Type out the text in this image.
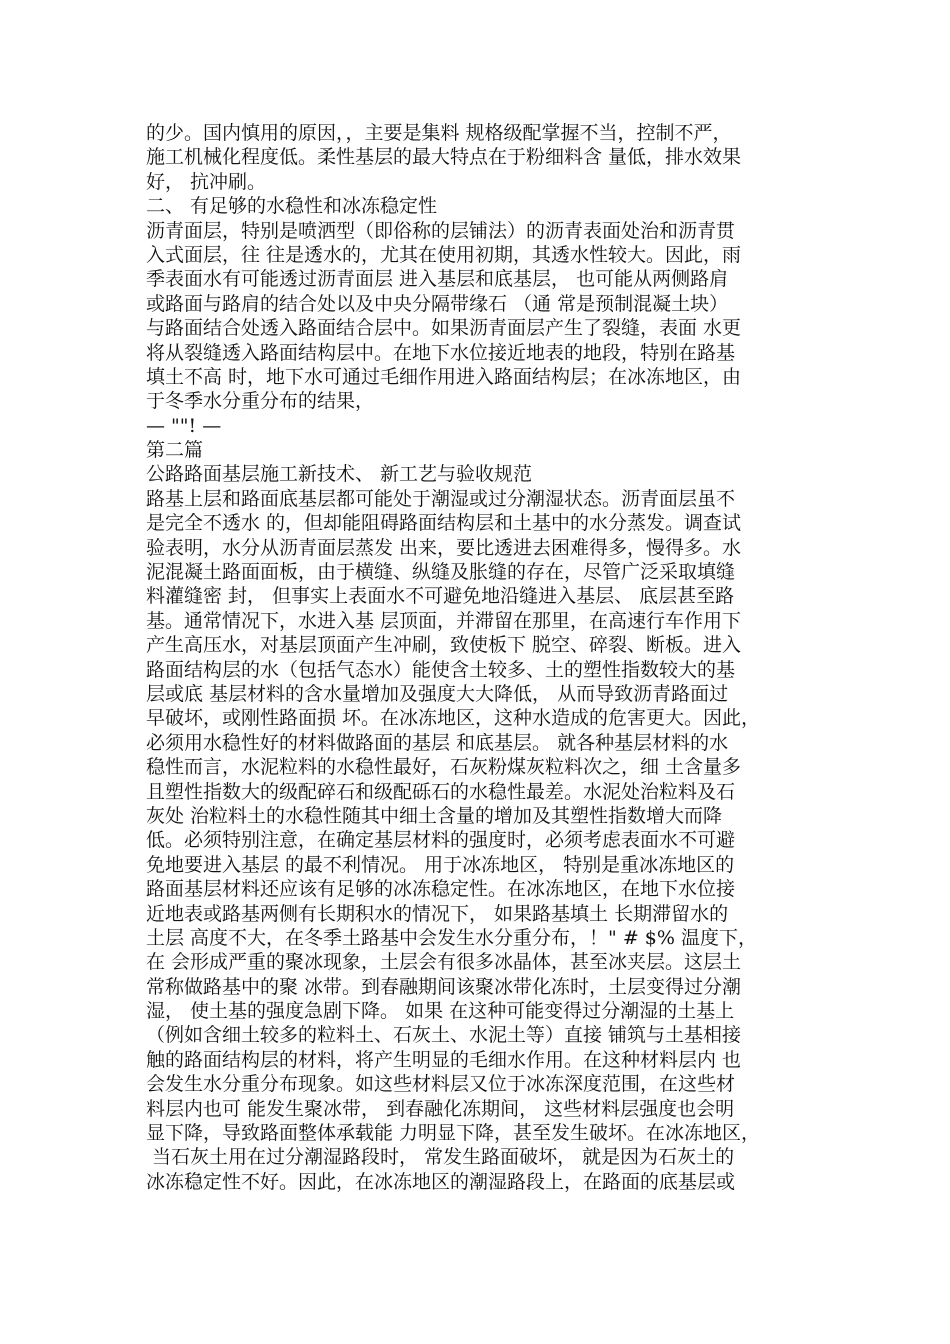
的少。国内慎用的原因，，主要是集料 规格级配掌握不当，控制不严，
施工机械化程度低。柔性基层的最大特点在于粉细料含 量低，排水效果
好， 抗冲刷。
二、 有足够的水稳性和冰冻稳定性
沥青面层，特别是喷洒型（即俗称的层铺法）的沥青表面处治和沥青贯
入式面层，往 往是透水的，尤其在使用初期，其透水性较大。因此，雨
季表面水有可能透过沥青面层 进入基层和底基层， 也可能从两侧路肩
或路面与路肩的结合处以及中央分隔带缘石 （通 常是预制混凝土块）
与路面结合处透入路面结合层中。如果沥青面层产生了裂缝，表面 水更
将从裂缝透入路面结构层中。在地下水位接近地表的地段，特别在路基
填土不高 时，地下水可通过毛细作用进入路面结构层；在冰冻地区，由
于冬季水分重分布的结果，
— ""! —
第二篇
公路路面基层施工新技术、 新工艺与验收规范
路基上层和路面底基层都可能处于潮湿或过分潮湿状态。沥青面层虽不
是完全不透水 的，但却能阻碍路面结构层和土基中的水分蒸发。调查试
验表明，水分从沥青面层蒸发 出来，要比透进去困难得多，慢得多。水
泥混凝土路面面板，由于横缝、纵缝及胀缝的存在，尽管广泛采取填缝
料灌缝密 封， 但事实上表面水不可避免地沿缝进入基层、 底层甚至路
基。通常情况下，水进入基 层顶面，并滞留在那里，在高速行车作用下
产生高压水，对基层顶面产生冲刷，致使板下 脱空、碎裂、断板。进入
路面结构层的水（包括气态水）能使含土较多、土的塑性指数较大的基
层或底 基层材料的含水量增加及强度大大降低， 从而导致沥青路面过
早破坏，或刚性路面损 坏。在冰冻地区，这种水造成的危害更大。因此，
必须用水稳性好的材料做路面的基层 和底基层。 就各种基层材料的水
稳性而言，水泥粒料的水稳性最好，石灰粉煤灰粒料次之，细 土含量多
且塑性指数大的级配碎石和级配砾石的水稳性最差。水泥处治粒料及石
灰处 治粒料土的水稳性随其中细土含量的增加及其塑性指数增大而降
低。必须特别注意，在确定基层材料的强度时，必须考虑表面水不可避
免地要进入基层 的最不利情况。 用于冰冻地区， 特别是重冰冻地区的
路面基层材料还应该有足够的冰冻稳定性。在冰冻地区，在地下水位接
近地表或路基两侧有长期积水的情况下， 如果路基填土 长期滞留水的
土层 高度不大，在冬季土路基中会发生水分重分布，！" # $% 温度下，
在 会形成严重的聚冰现象，土层会有很多冰晶体，甚至冰夹层。这层土
常称做路基中的聚 冰带。到春融期间该聚冰带化冻时，土层变得过分潮
湿， 使土基的强度急剧下降。 如果 在这种可能变得过分潮湿的土基上
（例如含细土较多的粒料土、石灰土、水泥土等）直接 铺筑与土基相接
触的路面结构层的材料，将产生明显的毛细水作用。在这种材料层内 也
会发生水分重分布现象。如这些材料层又位于冰冻深度范围，在这些材
料层内也可 能发生聚冰带， 到春融化冻期间， 这些材料层强度也会明
显下降，导致路面整体承载能 力明显下降，甚至发生破坏。在冰冻地区，
当石灰土用在过分潮湿路段时， 常发生路面破坏， 就是因为石灰土的
冰冻稳定性不好。因此，在冰冻地区的潮湿路段上，在路面的底基层或
